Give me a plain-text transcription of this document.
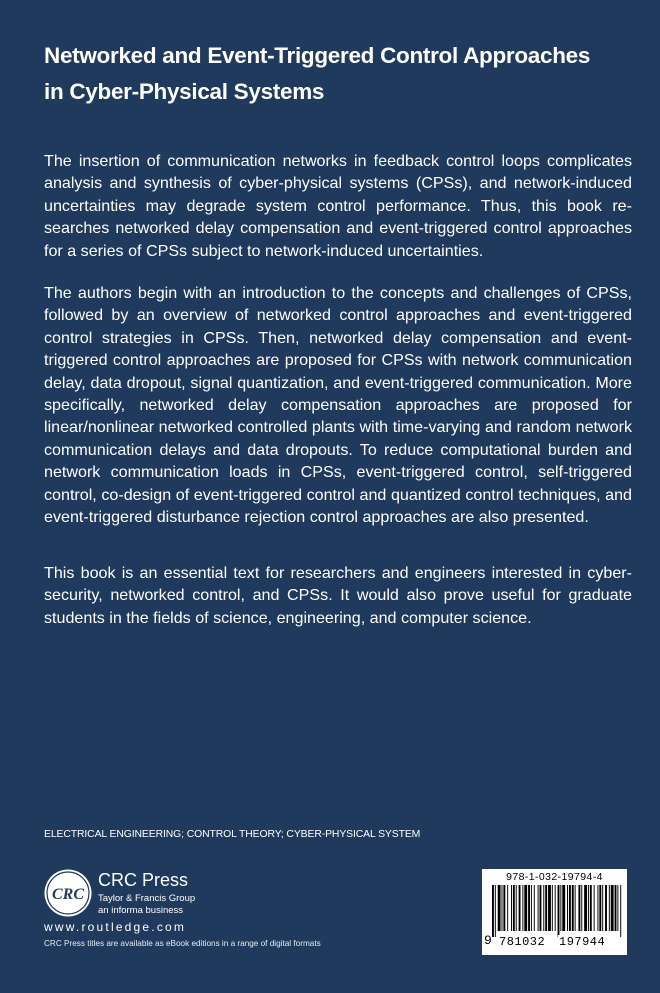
Networked and Event-Triggered Control Approaches
in Cyber-Physical Systems

The insertion of communication networks in feedback control loops complicates analysis and synthesis of cyber-physical systems (CPSs), and network-induced uncertainties may degrade system control performance. Thus, this book researches networked delay compensation and event-triggered control approaches for a series of CPSs subject to network-induced uncertainties.

The authors begin with an introduction to the concepts and challenges of CPSs, followed by an overview of networked control approaches and event-triggered control strategies in CPSs. Then, networked delay compensation and event-triggered control approaches are proposed for CPSs with network communication delay, data dropout, signal quantization, and event-triggered communication. More specifically, networked delay compensation approaches are proposed for linear/nonlinear networked controlled plants with time-varying and random network communication delays and data dropouts. To reduce computational burden and network communication loads in CPSs, event-triggered control, self-triggered control, co-design of event-triggered control and quantized control techniques, and event-triggered disturbance rejection control approaches are also presented.

This book is an essential text for researchers and engineers interested in cybersecurity, networked control, and CPSs. It would also prove useful for graduate students in the fields of science, engineering, and computer science.

ELECTRICAL ENGINEERING; CONTROL THEORY; CYBER-PHYSICAL SYSTEM
CRC
CRC Press
Taylor & Francis Group
an informa business
www.routledge.com
CRC Press titles are available as eBook editions in a range of digital formats
978-1-032-19794-4
9 781032 197944
